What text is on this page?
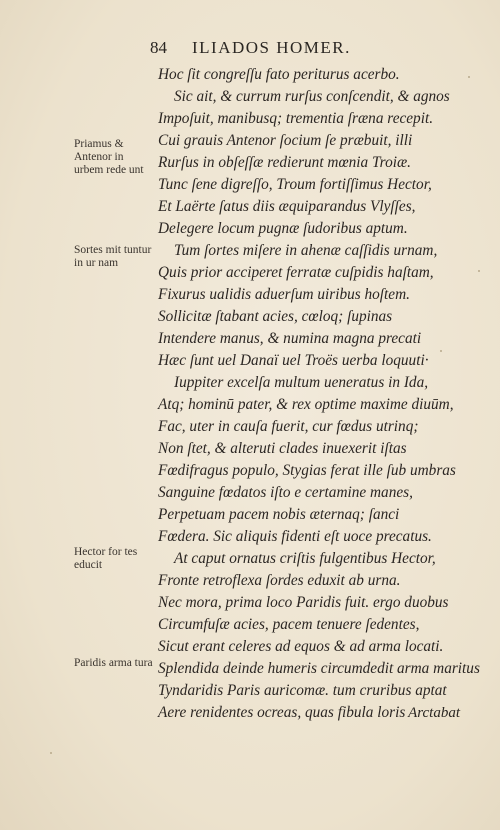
84 ILIADOS HOMER.
Hoc ſit congreſſu fato periturus acerbo.
Sic ait, & currum rurſus conſcendit, & agnos
Impoſuit, manibusq; trementia ſræna recepit.
Cui grauis Antenor ſocium ſe præbuit, illi
Rurſus in obſeſſæ redierunt mœnia Troiæ.
Tunc ſene digreſſo, Troum fortiſſimus Hector,
Et Laërte ſatus diis æquiparandus Vlyſſes,
Delegere locum pugnæ ſudoribus aptum.
Tum ſortes miſere in ahenæ caſſidis urnam,
Quis prior acciperet ferratæ cuſpidis haſtam,
Fixurus ualidis aduerſum uiribus hoſtem.
Sollicitæ ſtabant acies, cœloq; ſupinas
Intendere manus, & numina magna precati
Hæc ſunt uel Danaï uel Troës uerba loquuti·
Iuppiter excelſa multum ueneratus in Ida,
Atq; hominū pater, & rex optime maxime diuūm,
Fac, uter in cauſa fuerit, cur fœdus utrinq;
Non ſtet, & alteruti clades inuexerit iſtas
Fœdifragus populo, Stygias ferat ille ſub umbras
Sanguine fœdatos iſto e certamine manes,
Perpetuam pacem nobis æternaq; ſanci
Fœdera. Sic aliquis fidenti eſt uoce precatus.
At caput ornatus criſtis fulgentibus Hector,
Fronte retroflexa ſordes eduxit ab urna.
Nec mora, prima loco Paridis fuit. ergo duobus
Circumfuſæ acies, pacem tenuere ſedentes,
Sicut erant celeres ad equos & ad arma locati.
Splendida deinde humeris circumdedit arma maritus
Tyndaridis Paris auricomæ. tum cruribus aptat
Aere renidentes ocreas, quas fibula loris
Priamus & Antenor in urbem rede unt
Sortes mit tuntur in ur nam
Hector for tes educit
Paridis arma tura
Arctabat
